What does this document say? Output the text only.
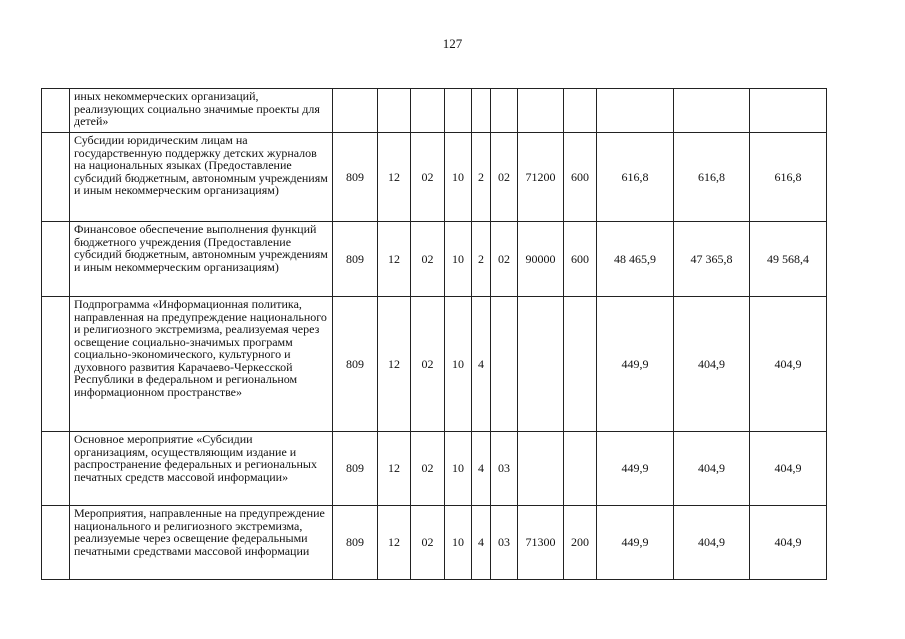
127
	иных некоммерческих организаций, реализующих социально значимые проекты для детей»											
	Субсидии юридическим лицам на государственную поддержку детских журналов на национальных языках (Предоставление субсидий бюджетным, автономным учреждениям и иным некоммерческим организациям)	809	12	02	10	2	02	71200	600	616,8	616,8	616,8
	Финансовое обеспечение выполнения функций бюджетного учреждения (Предоставление субсидий бюджетным, автономным учреждениям и иным некоммерческим организациям)	809	12	02	10	2	02	90000	600	48 465,9	47 365,8	49 568,4
	Подпрограмма «Информационная политика, направленная на предупреждение национального и религиозного экстремизма, реализуемая через освещение социально-значимых программ социально-экономического, культурного и духовного развития Карачаево-Черкесской Республики в федеральном и региональном информационном пространстве»	809	12	02	10	4				449,9	404,9	404,9
	Основное мероприятие «Субсидии организациям, осуществляющим издание и распространение федеральных и региональных печатных средств массовой информации»	809	12	02	10	4	03			449,9	404,9	404,9
	Мероприятия, направленные на предупреждение национального и религиозного экстремизма, реализуемые через освещение федеральными печатными средствами массовой информации	809	12	02	10	4	03	71300	200	449,9	404,9	404,9
